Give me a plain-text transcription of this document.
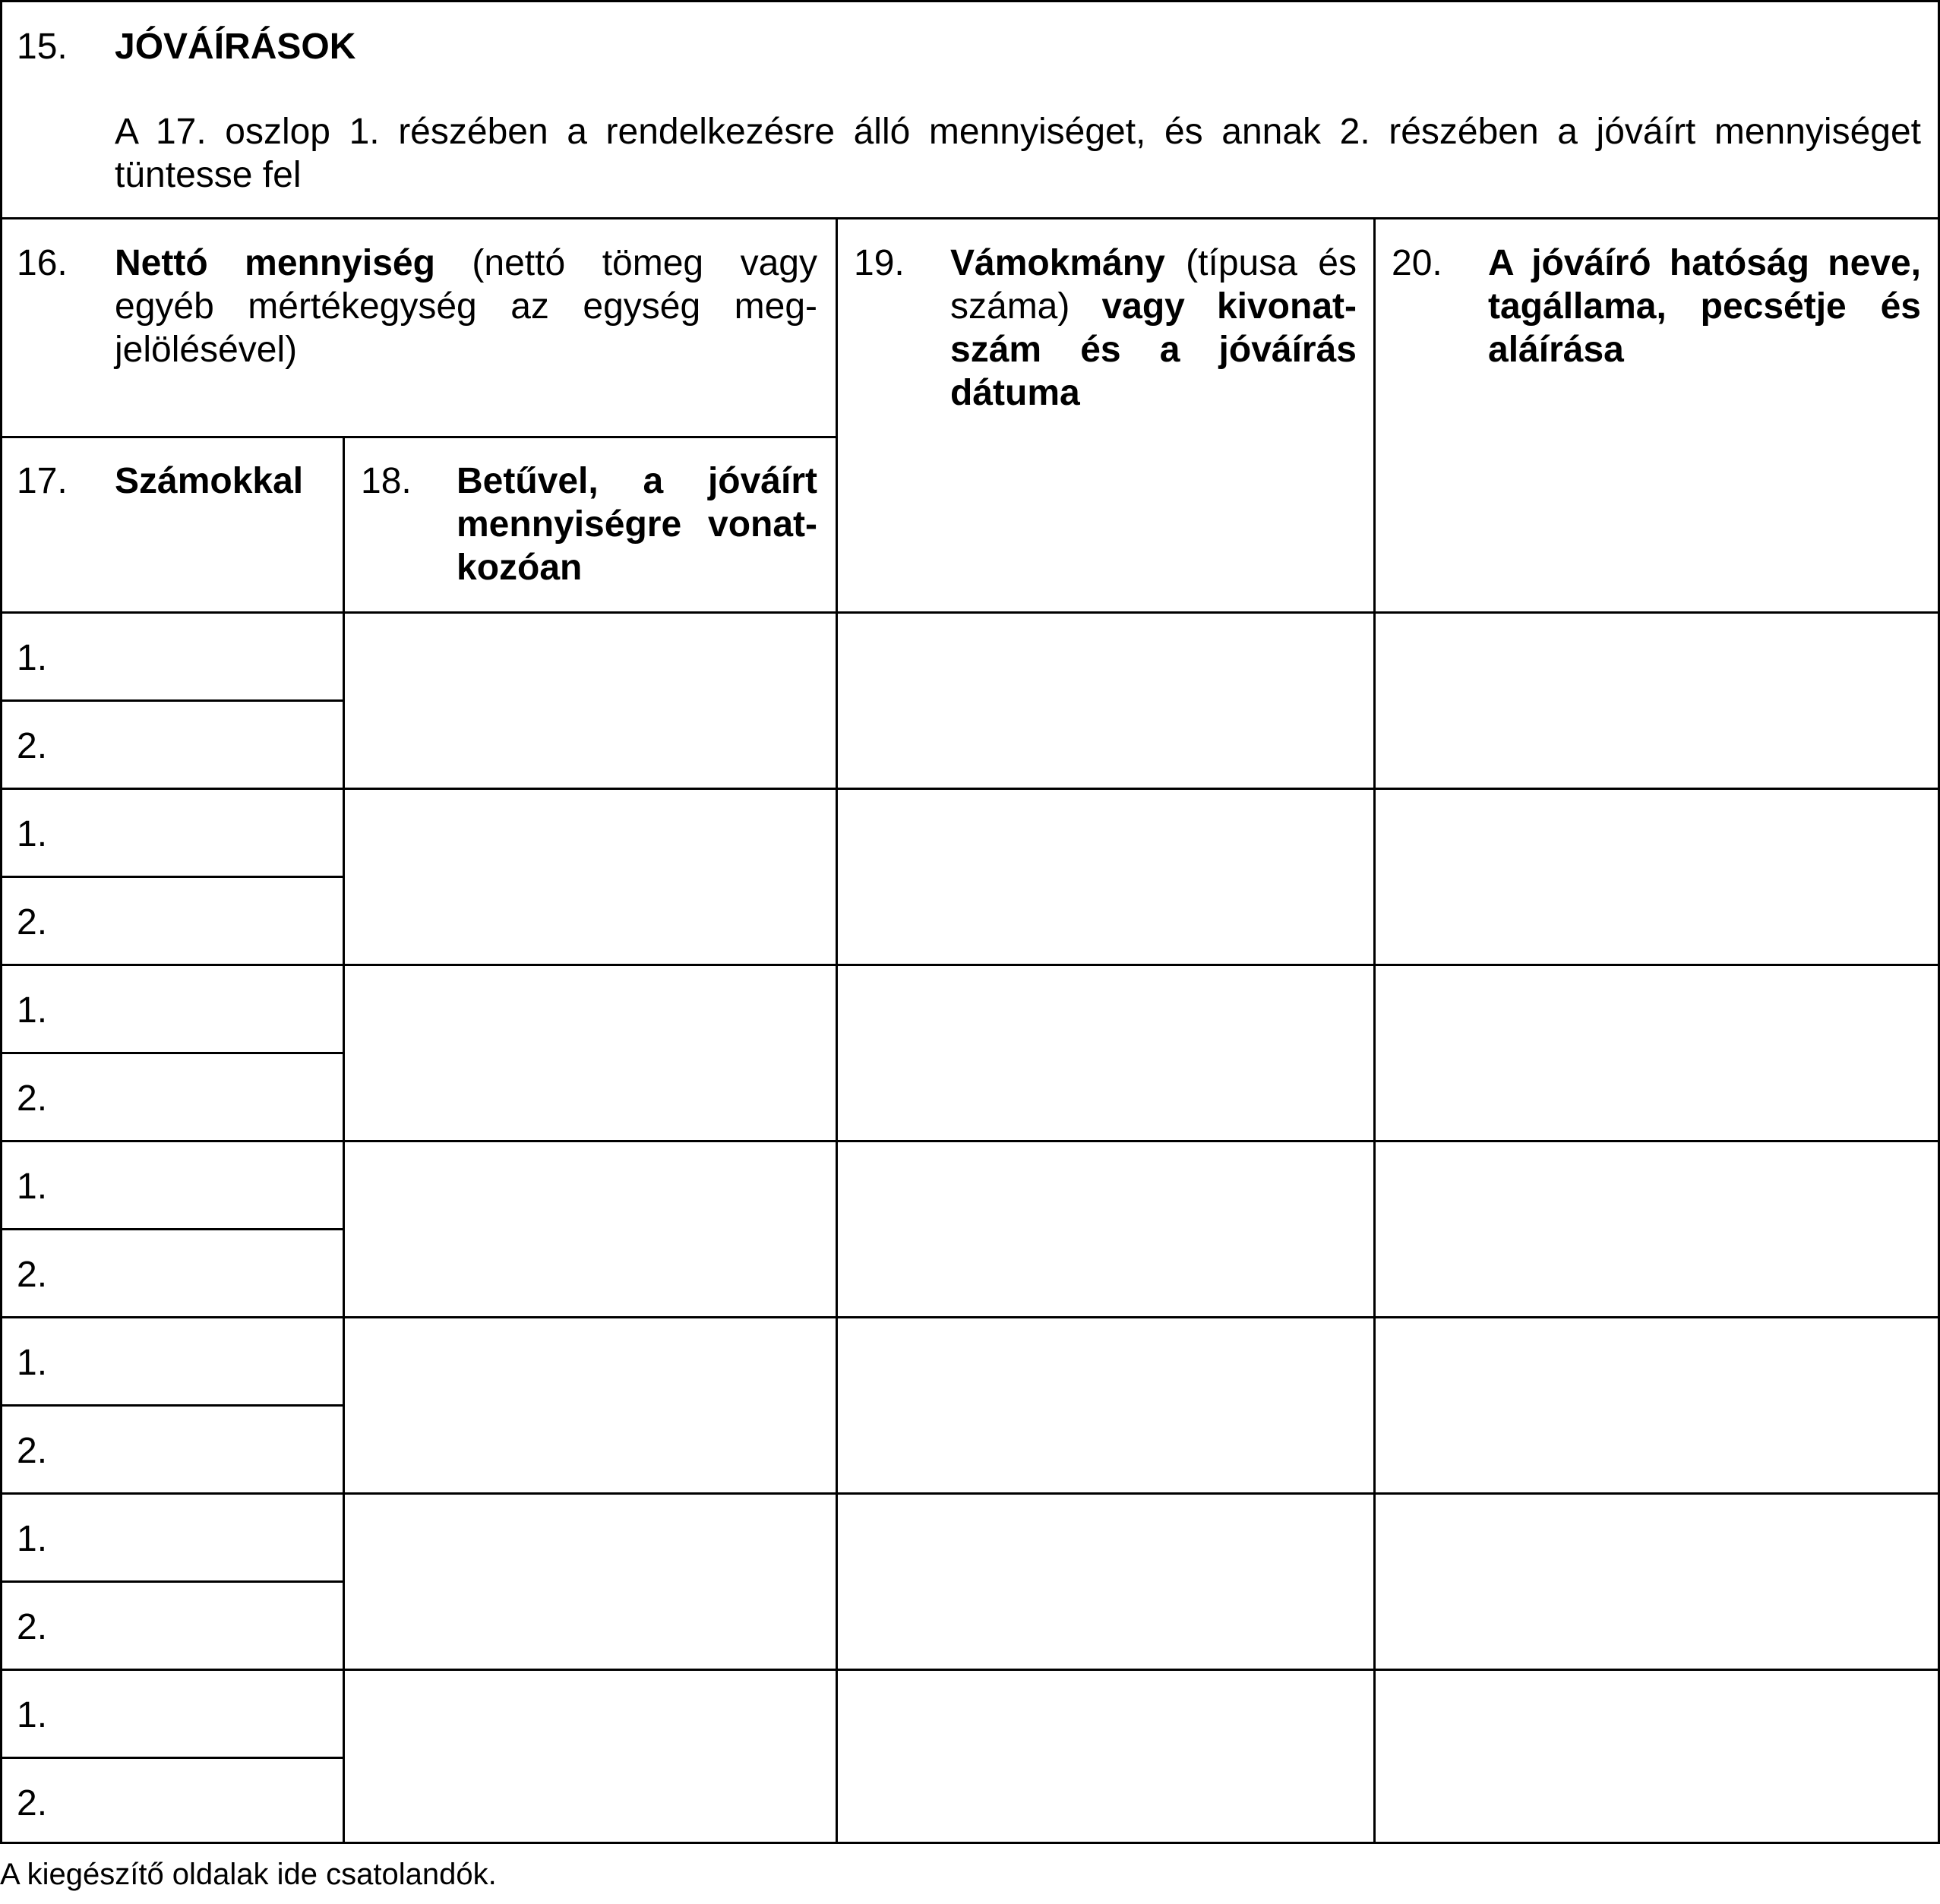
15. JÓVÁÍRÁSOK
A 17. oszlop 1. részében a rendelkezésre álló mennyiséget, és annak 2. részében a jóváírt mennyiséget tüntesse fel
16. Nettó mennyiség (nettó tömeg vagy egyéb mértékegység az egység megjelölésével)
19. Vámokmány (típusa és száma) vagy kivonatszám és a jóváírás dátuma
20. A jóváíró hatóság neve, tagállama, pecsétje és aláírása
17. Számokkal 18. Betűvel, a jóváírt mennyiségre vonatkozóan
1.
2.
1.
2.
1.
2.
1.
2.
1.
2.
1.
2.
1.
2.
A kiegészítő oldalak ide csatolandók.
